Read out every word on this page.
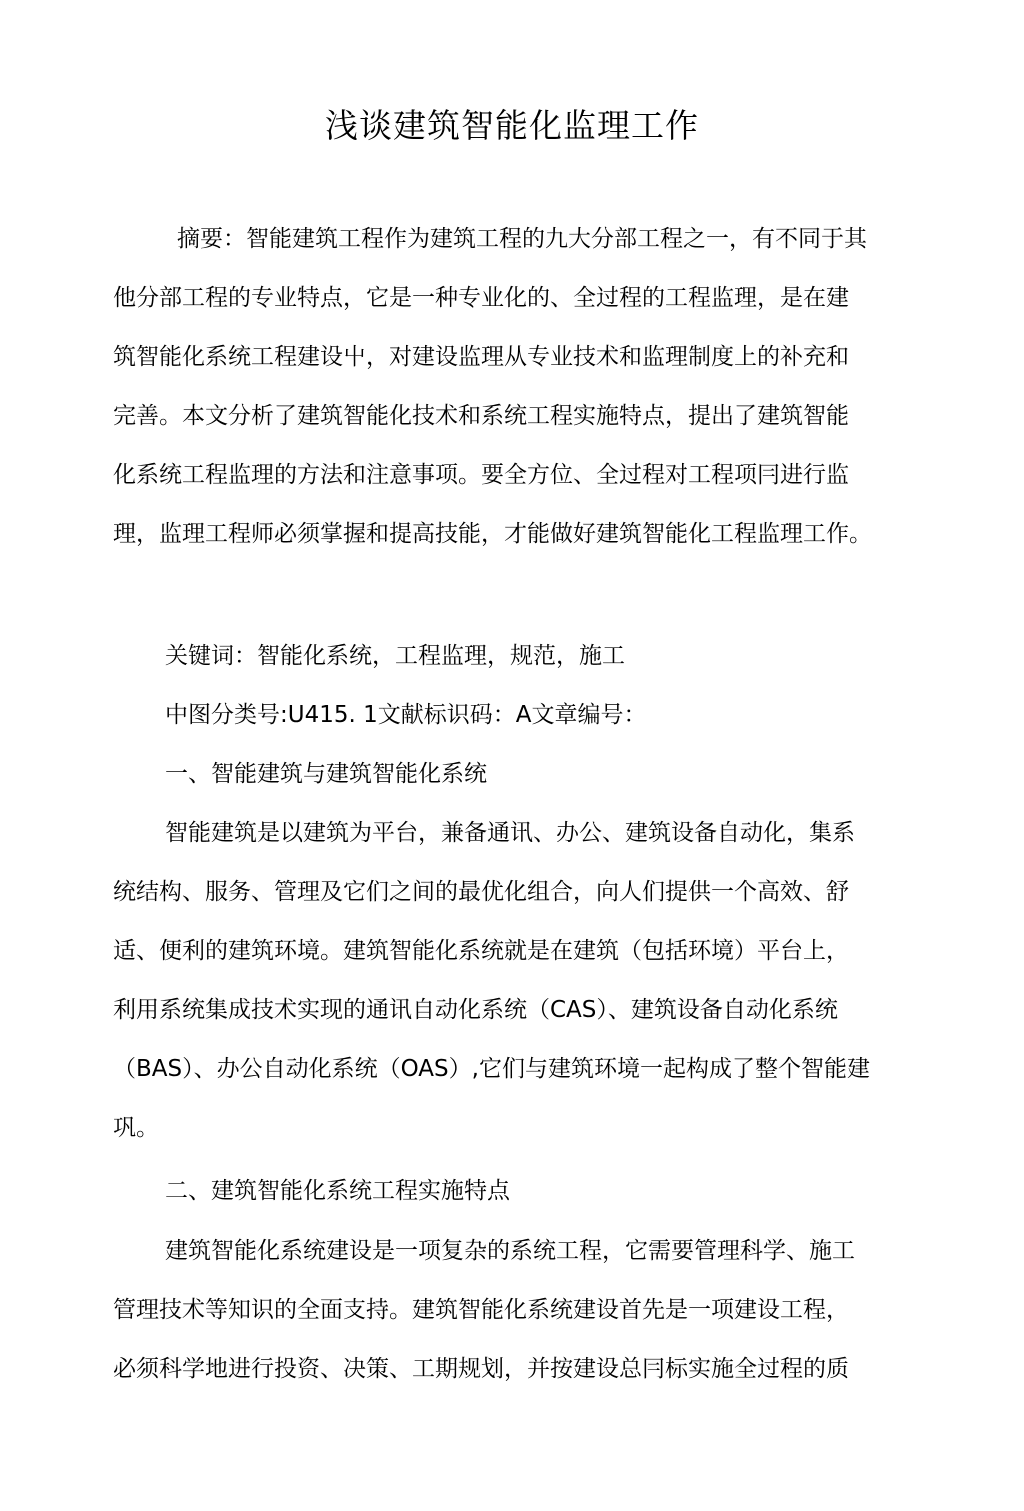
浅谈建筑智能化监理工作

摘要：智能建筑工程作为建筑工程的九大分部工程之一，有不同于其

他分部工程的专业特点，它是一种专业化的、全过程的工程监理，是在建

筑智能化系统工程建设屮，对建设监理从专业技术和监理制度上的补充和

完善。本文分析了建筑智能化技术和系统工程实施特点，提出了建筑智能

化系统工程监理的方法和注意事项。要全方位、全过程对工程项冃进行监

理，监理工程师必须掌握和提高技能，才能做好建筑智能化工程监理工作。

关键词：智能化系统，工程监理，规范，施工

中图分类号:U415. 1文献标识码：A文章编号：

一、智能建筑与建筑智能化系统

智能建筑是以建筑为平台，兼备通讯、办公、建筑设备自动化，集系

统结构、服务、管理及它们之间的最优化组合，向人们提供一个高效、舒

适、便利的建筑环境。建筑智能化系统就是在建筑（包括环境）平台上，

利用系统集成技术实现的通讯自动化系统（CAS）、建筑设备自动化系统

（BAS）、办公自动化系统（OAS）,它们与建筑环境一起构成了整个智能建

巩。

二、建筑智能化系统工程实施特点

建筑智能化系统建设是一项复杂的系统工程，它需要管理科学、施工

管理技术等知识的全面支持。建筑智能化系统建设首先是一项建设工程，

必须科学地进行投资、决策、工期规划，并按建设总冃标实施全过程的质
